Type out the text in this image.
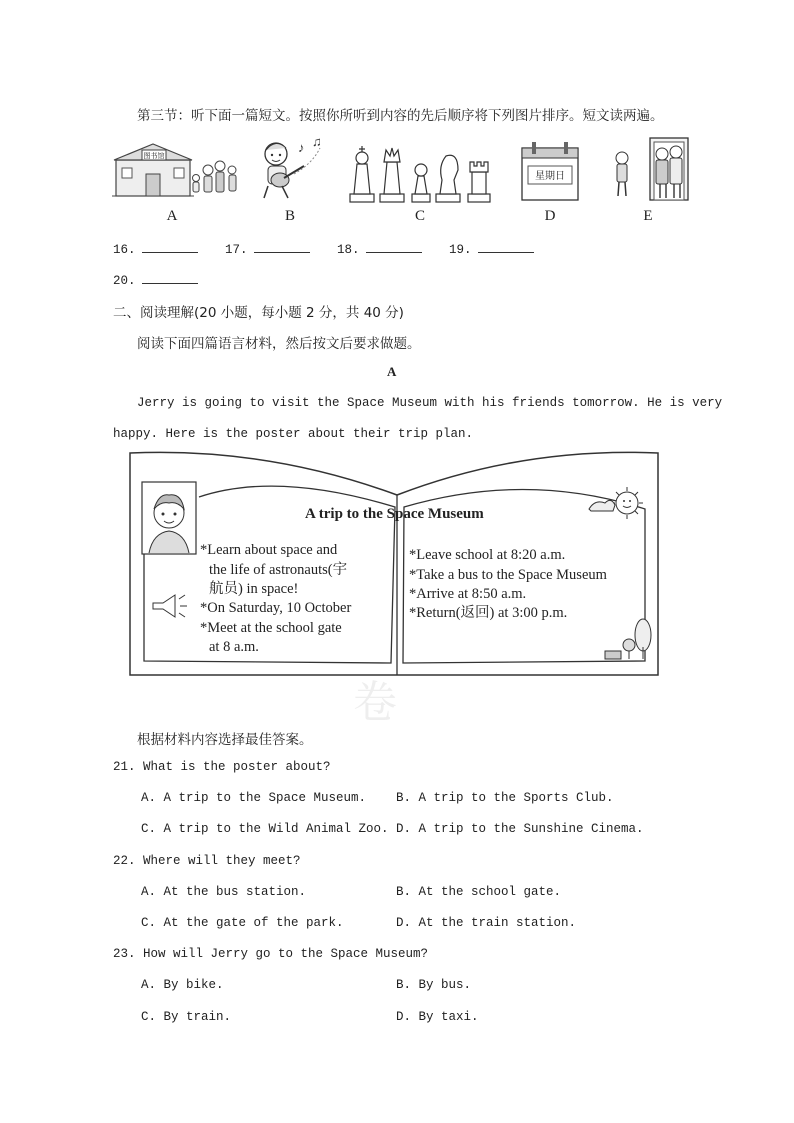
第三节：听下面一篇短文。按照你所听到内容的先后顺序将下列图片排序。短文读两遍。
图书馆
A
♪ ♫
B	C
星期日
D	E
16.	17.	18.	19.
20.
二、阅读理解(20 小题，每小题 2 分，共 40 分)
阅读下面四篇语言材料，然后按文后要求做题。
A
Jerry is going to visit the Space Museum with his friends tomorrow. He is very
happy. Here is the poster about their trip plan.
卷
A trip to the Space Museum
*Learn about space and
the life of astronauts(宇
航员) in space!
*On Saturday, 10 October
*Meet at the school gate
at 8 a.m.
*Leave school at 8:20 a.m.
*Take a bus to the Space Museum
*Arrive at 8:50 a.m.
*Return(返回) at 3:00 p.m.
根据材料内容选择最佳答案。
21. What is the poster about?
A. A trip to the Space Museum. B. A trip to the Sports Club.
C. A trip to the Wild Animal Zoo. D. A trip to the Sunshine Cinema.
22. Where will they meet?
A. At the bus station.	B. At the school gate.
C. At the gate of the park.	D. At the train station.
23. How will Jerry go to the Space Museum?
A. By bike.	B. By bus.
C. By train.	D. By taxi.
